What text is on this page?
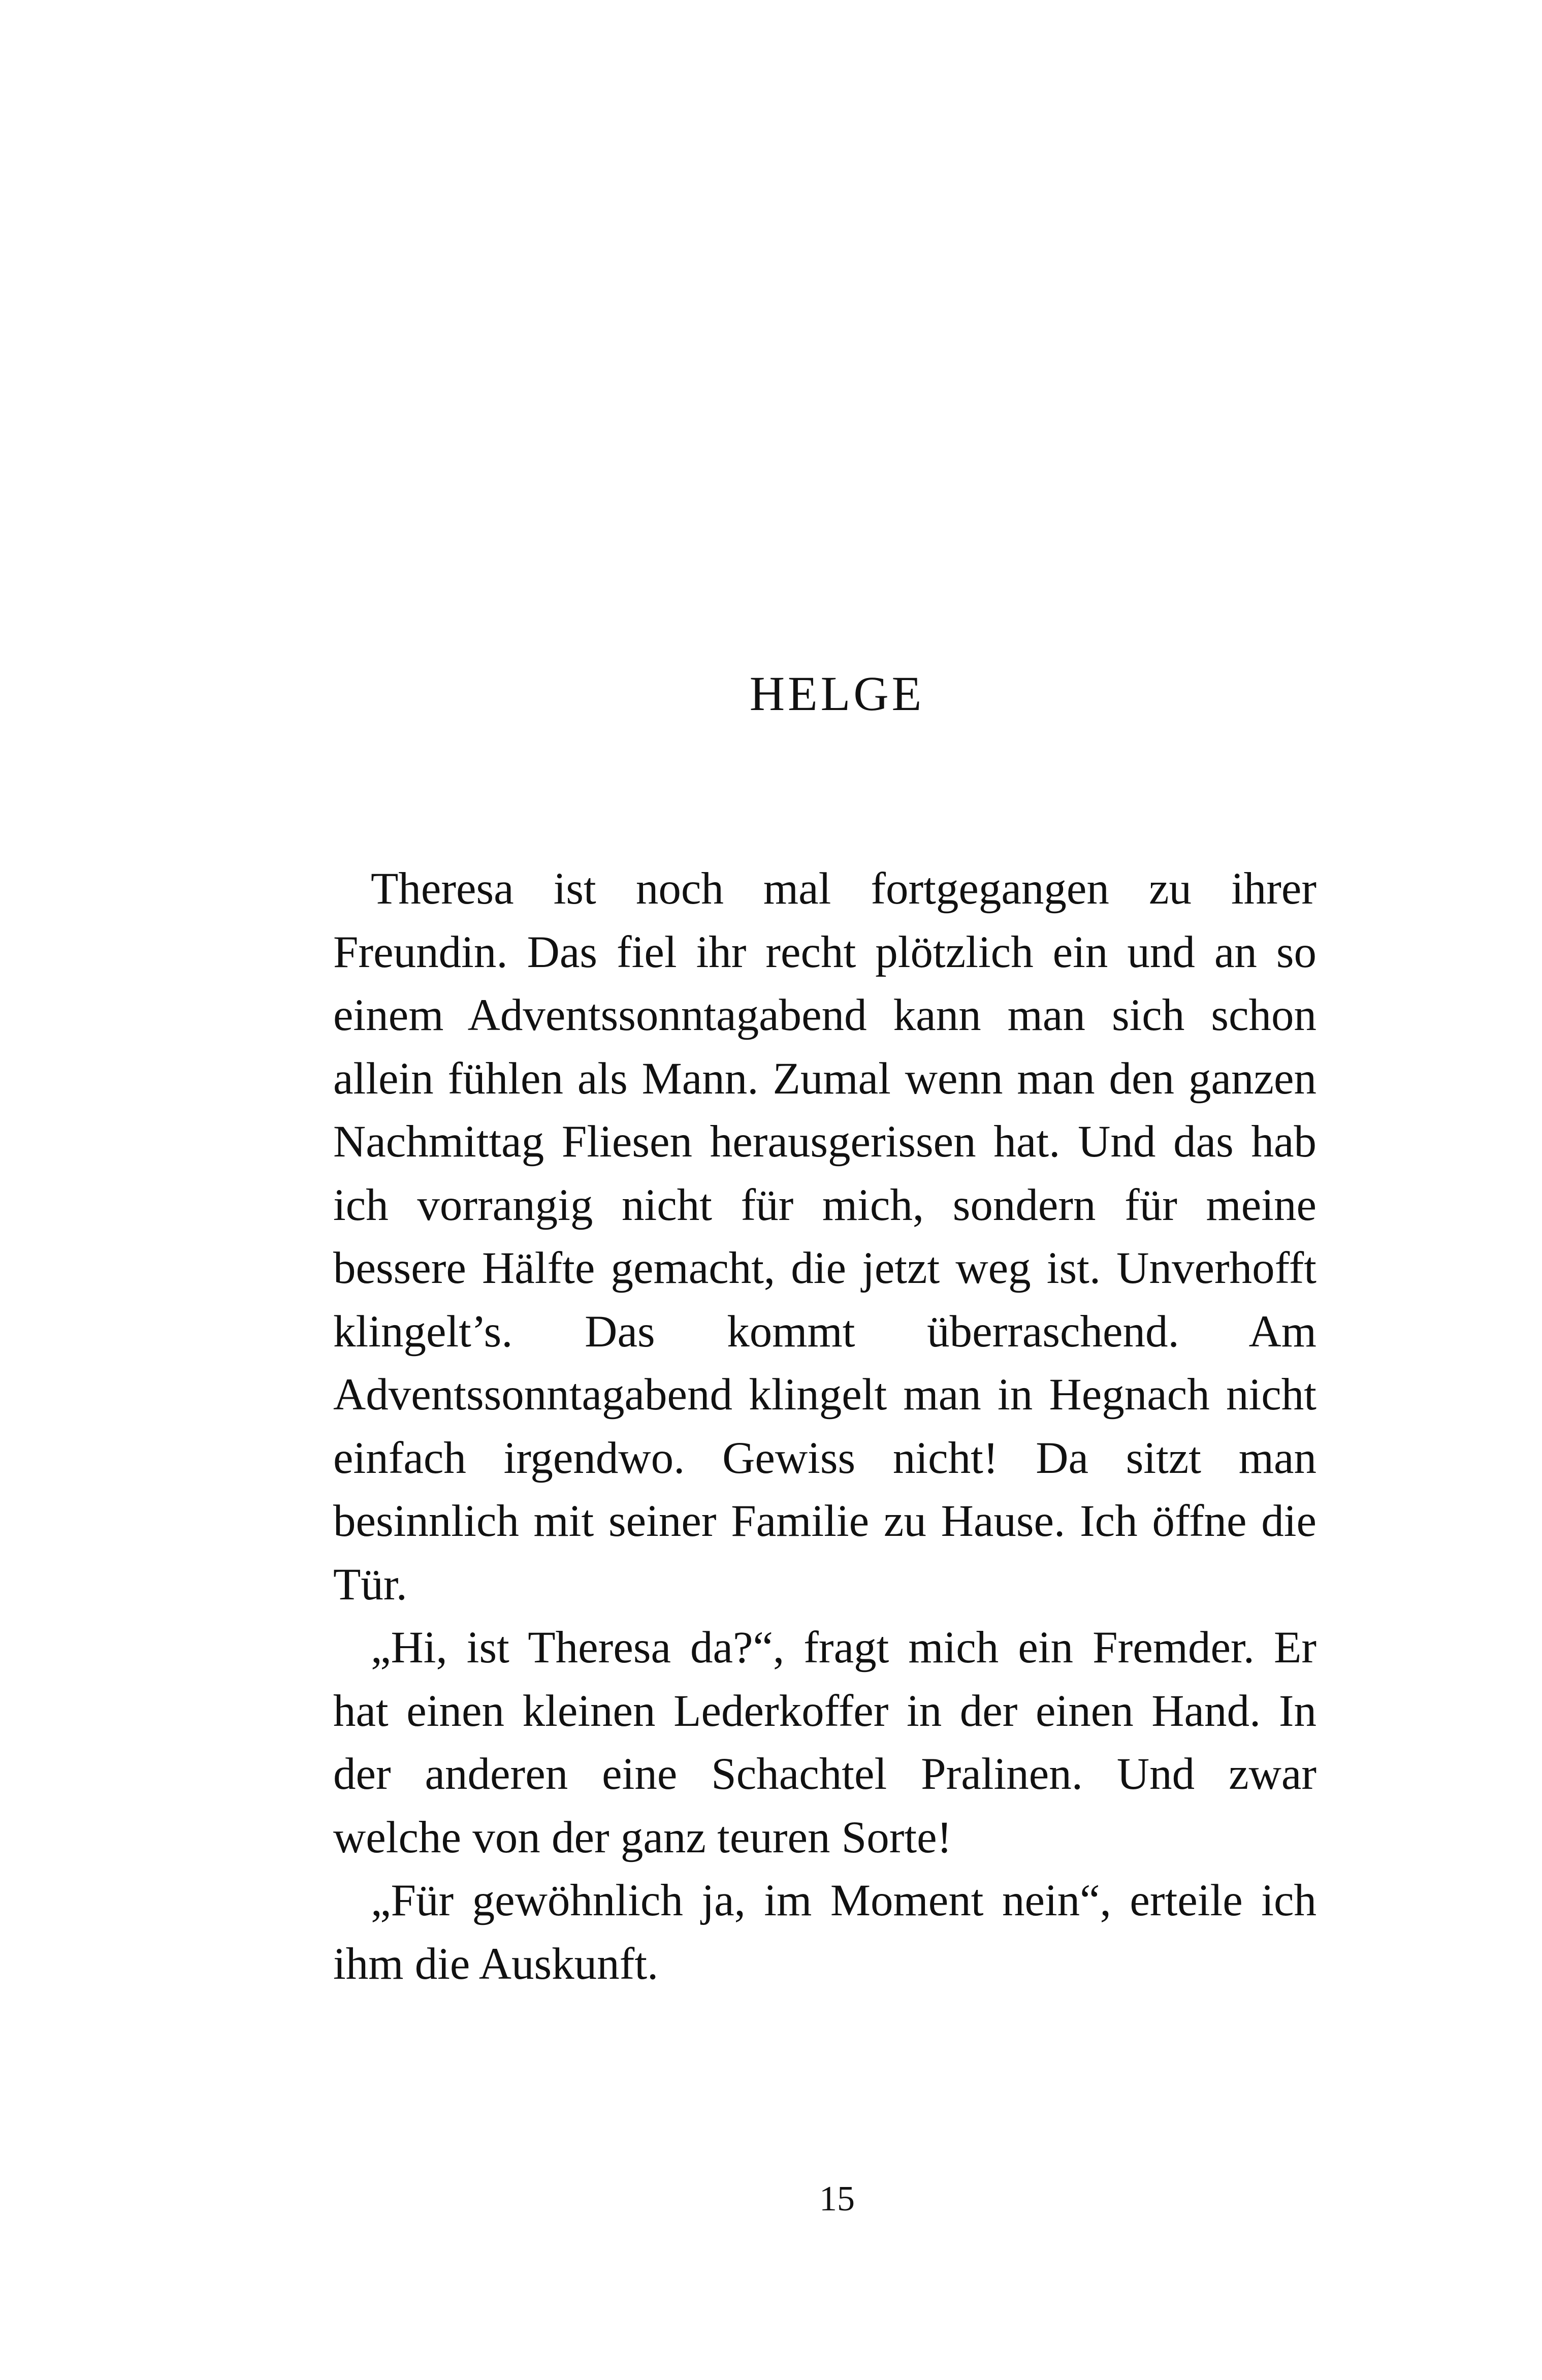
HELGE

Theresa ist noch mal fortgegangen zu ihrer Freundin. Das fiel ihr recht plötzlich ein und an so einem Adventssonntagabend kann man sich schon allein fühlen als Mann. Zumal wenn man den ganzen Nachmittag Fliesen herausgerissen hat. Und das hab ich vorrangig nicht für mich, sondern für meine bessere Hälfte gemacht, die jetzt weg ist. Unverhofft klingelt’s. Das kommt überraschend. Am Adventssonntagabend klingelt man in Hegnach nicht einfach irgendwo. Gewiss nicht! Da sitzt man besinnlich mit seiner Familie zu Hause. Ich öffne die Tür.

„Hi, ist Theresa da?“, fragt mich ein Fremder. Er hat einen kleinen Lederkoffer in der einen Hand. In der anderen eine Schachtel Pralinen. Und zwar welche von der ganz teuren Sorte!

„Für gewöhnlich ja, im Moment nein“, erteile ich ihm die Auskunft.

15
